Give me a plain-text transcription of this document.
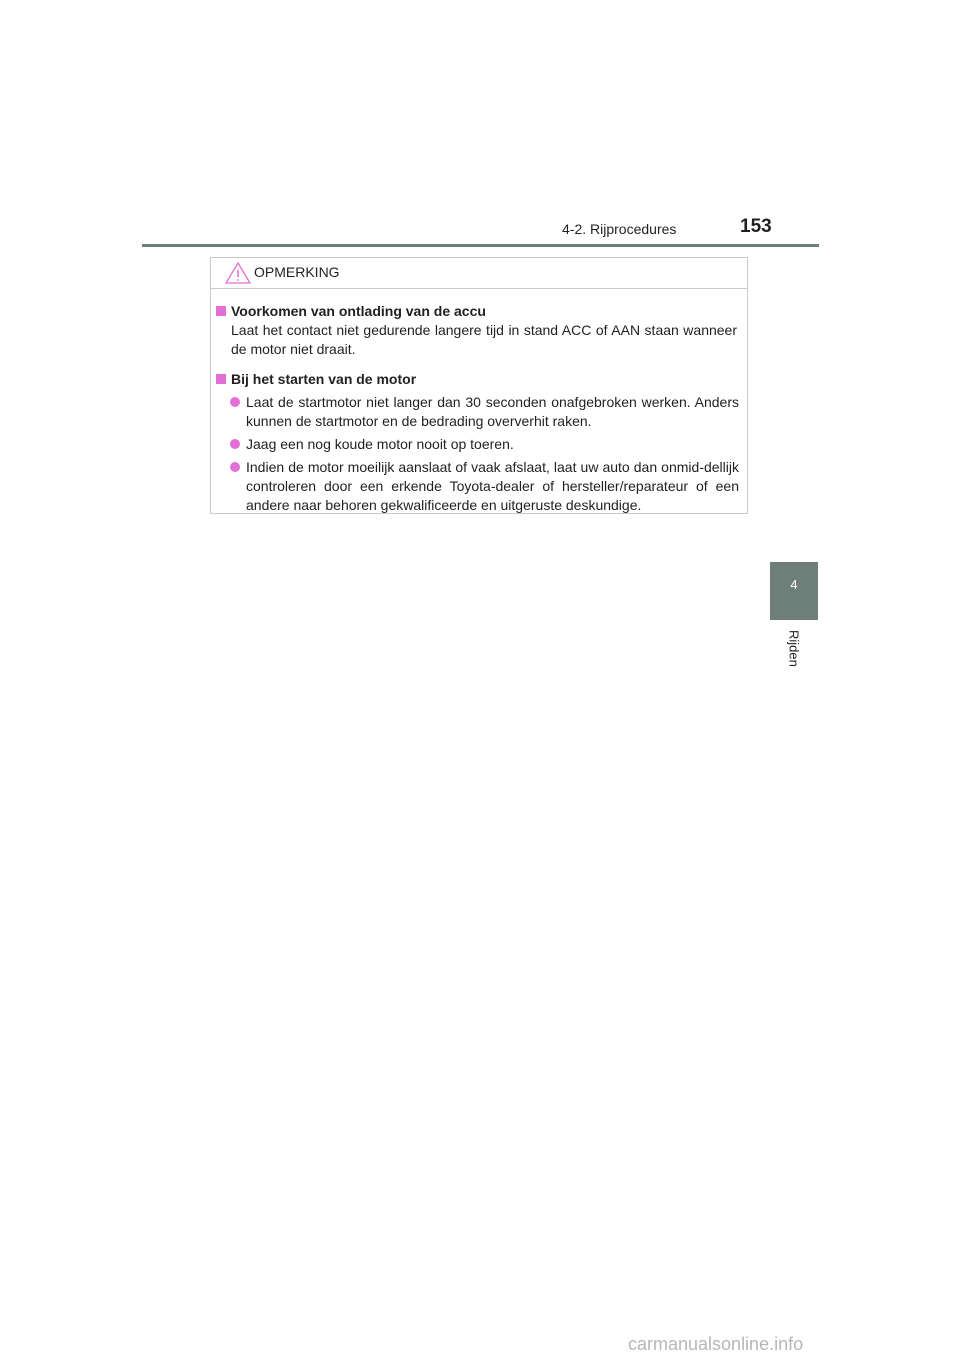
4-2. Rijprocedures	153
OPMERKING
Voorkomen van ontlading van de accu
Laat het contact niet gedurende langere tijd in stand ACC of AAN staan wanneer de motor niet draait.
Bij het starten van de motor
Laat de startmotor niet langer dan 30 seconden onafgebroken werken. Anders kunnen de startmotor en de bedrading oververhit raken.
Jaag een nog koude motor nooit op toeren.
Indien de motor moeilijk aanslaat of vaak afslaat, laat uw auto dan onmid-dellijk controleren door een erkende Toyota-dealer of hersteller/reparateur of een andere naar behoren gekwalificeerde en uitgeruste deskundige.
4
Rijden
carmanualsonline.info
